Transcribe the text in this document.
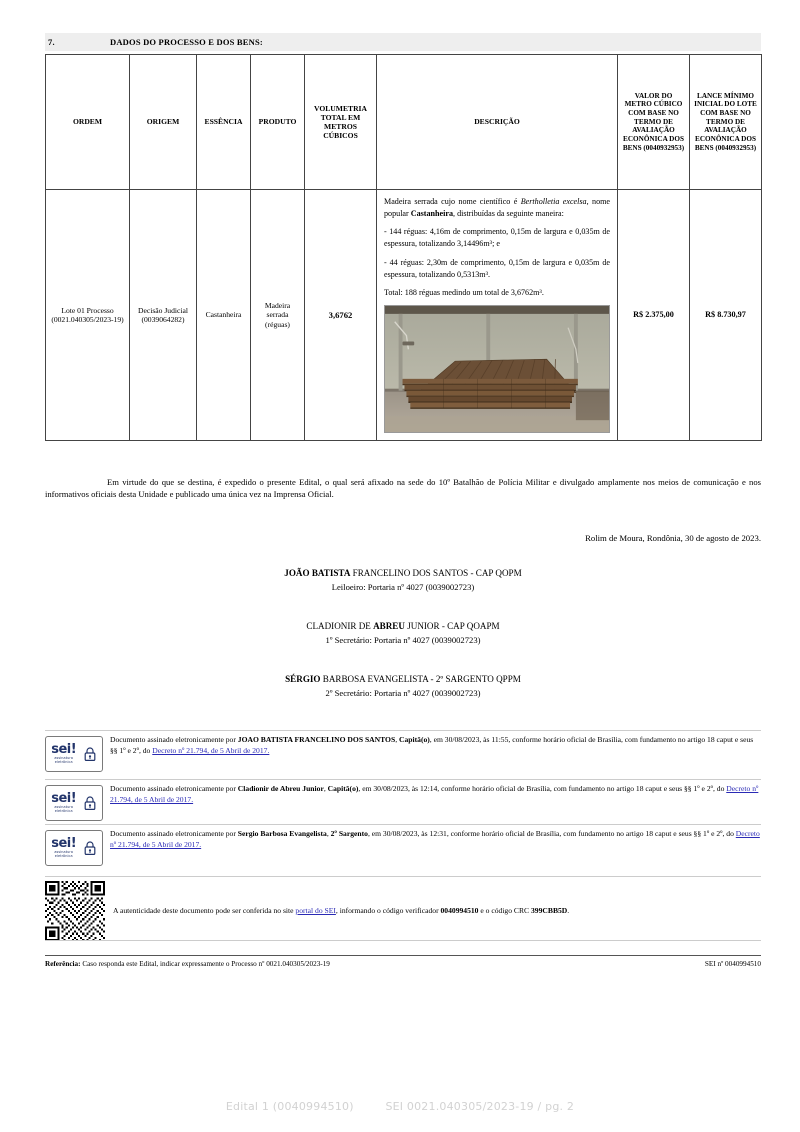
7.	DADOS DO PROCESSO E DOS BENS:
ORDEM	ORIGEM	ESSÊNCIA	PRODUTO	VOLUMETRIA TOTAL EM METROS CÚBICOS	DESCRIÇÃO	VALOR DO METRO CÚBICO COM BASE NO TERMO DE AVALIAÇÃO ECONÔNICA DOS BENS (0040932953)	LANCE MÍNIMO INICIAL DO LOTE COM BASE NO TERMO DE AVALIAÇÃO ECONÔNICA DOS BENS (0040932953)
Lote 01 Processo (0021.040305/2023-19)	Decisão Judicial (0039064282)	Castanheira	Madeira serrada (réguas)	3,6762	Madeira serrada cujo nome científico é Bertholletia excelsa, nome popular Castanheira, distribuídas da seguinte maneira:

- 144 réguas: 4,16m de comprimento, 0,15m de largura e 0,035m de espessura, totalizando 3,14496m³; e

- 44 réguas: 2,30m de comprimento, 0,15m de largura e 0,035m de espessura, totalizando 0,5313m³.

Total: 188 réguas medindo um total de 3,6762m³.	R$ 2.375,00	R$ 8.730,97
Em virtude do que se destina, é expedido o presente Edital, o qual será afixado na sede do 10º Batalhão de Polícia Militar e divulgado amplamente nos meios de comunicação e nos informativos oficiais desta Unidade e publicado uma única vez na Imprensa Oficial.
Rolim de Moura, Rondônia, 30 de agosto de 2023.
JOÃO BATISTA FRANCELINO DOS SANTOS - CAP QOPM
Leiloeiro: Portaria nº 4027 (0039002723)
CLADIONIR DE ABREU JUNIOR - CAP QOAPM
1º Secretário: Portaria nº 4027 (0039002723)
SÉRGIO BARBOSA EVANGELISTA - 2º SARGENTO QPPM
2º Secretário: Portaria nº 4027 (0039002723)
sei!
assinatura
eletrônica
Documento assinado eletronicamente por JOAO BATISTA FRANCELINO DOS SANTOS, Capitã(o), em 30/08/2023, às 11:55, conforme horário oficial de Brasília, com fundamento no artigo 18 caput e seus §§ 1º e 2º, do Decreto nº 21.794, de 5 Abril de 2017.
sei!
assinatura
eletrônica
Documento assinado eletronicamente por Cladionir de Abreu Junior, Capitã(o), em 30/08/2023, às 12:14, conforme horário oficial de Brasília, com fundamento no artigo 18 caput e seus §§ 1º e 2º, do Decreto nº 21.794, de 5 Abril de 2017.
sei!
assinatura
eletrônica
Documento assinado eletronicamente por Sergio Barbosa Evangelista, 2º Sargento, em 30/08/2023, às 12:31, conforme horário oficial de Brasília, com fundamento no artigo 18 caput e seus §§ 1º e 2º, do Decreto nº 21.794, de 5 Abril de 2017.
A autenticidade deste documento pode ser conferida no site portal do SEI, informando o código verificador 0040994510 e o código CRC 399CBB5D.
Referência: Caso responda este Edital, indicar expressamente o Processo nº 0021.040305/2023-19	SEI nº 0040994510
Edital 1 (0040994510)	SEI 0021.040305/2023-19 / pg. 2
